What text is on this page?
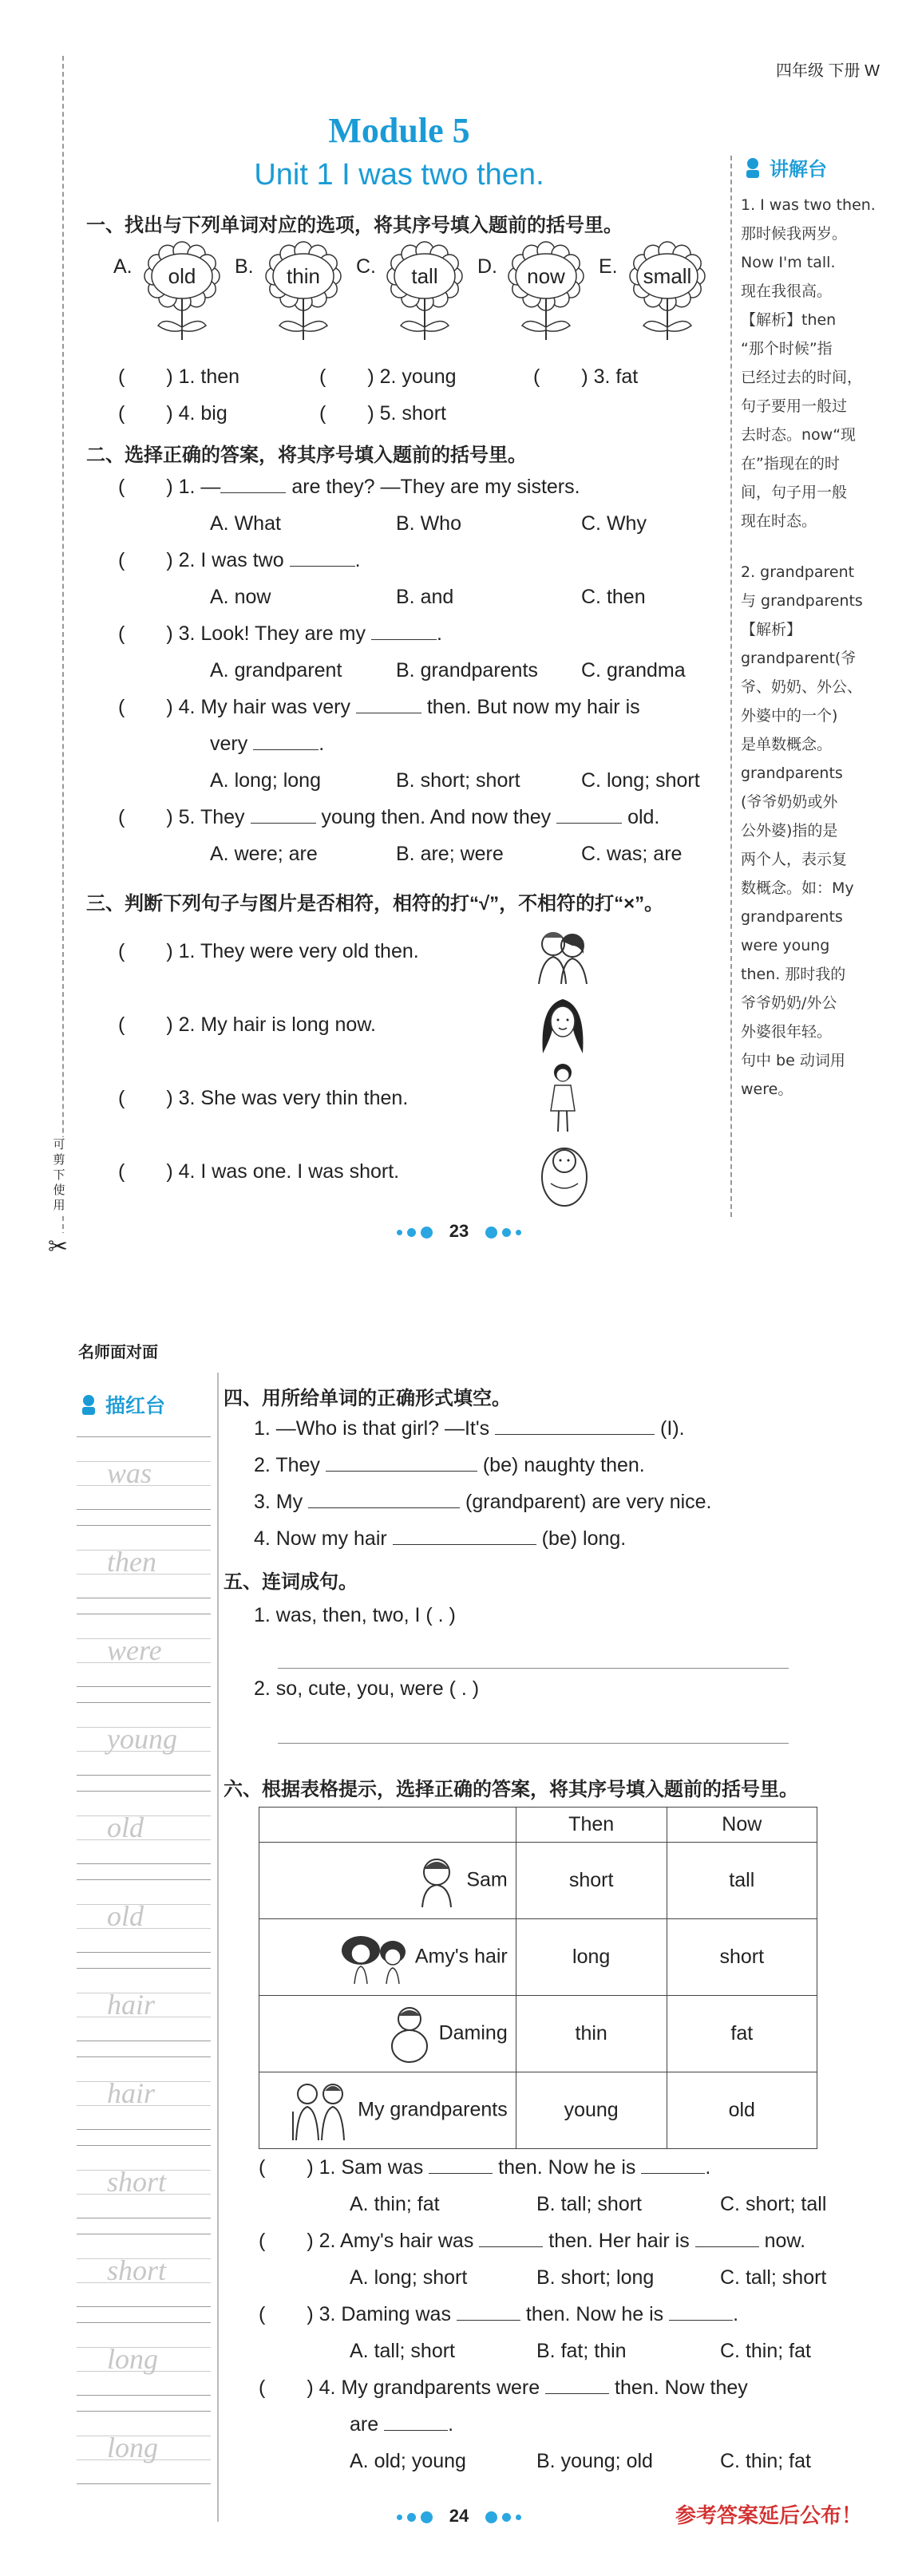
四年级 下册 W
可剪下使用
✂
Module 5
Unit 1 I was two then.	讲解台
1. I was two then.
那时候我两岁。
Now I'm tall.
现在我很高。
【解析】then
“那个时候”指
已经过去的时间，
句子要用一般过
去时态。now“现
在”指现在的时
间，句子用一般
现在时态。
2. grandparent
与 grandparents
【解析】
grandparent(爷
爷、奶奶、外公、
外婆中的一个)
是单数概念。
grandparents
(爷爷奶奶或外
公外婆)指的是
两个人，表示复
数概念。如：My
grandparents
were young
then. 那时我的
爷爷奶奶/外公
外婆很年轻。
句中 be 动词用
were。
一、找出与下列单词对应的选项，将其序号填入题前的括号里。
A.	old	B.	thin	C.	tall	D.	now	E.	small
( ) 1. then	( ) 2. young	( ) 3. fat
( ) 4. big	( ) 5. short
二、选择正确的答案，将其序号填入题前的括号里。
( ) 1. —	are they? —They are my sisters.
A. What	B. Who	C. Why
( ) 2. I was two	.
A. now	B. and	C. then
( ) 3. Look! They are my	.
A. grandparent	B. grandparents C. grandma
( ) 4. My hair was very	then. But now my hair is
very	.
A. long; long	B. short; short	C. long; short
( ) 5. They	young then. And now they	old.
A. were; are	B. are; were	C. was; are
三、判断下列句子与图片是否相符，相符的打“√”，不相符的打“×”。
( ) 1. They were very old then.
( ) 2. My hair is long now.
( ) 3. She was very thin then.
( ) 4. I was one. I was short.
23
名师面对面
描红台
was
then
were
young
old
old
hair
hair
short
short
long
long
四、用所给单词的正确形式填空。
1. —Who is that girl? —It's	(I).
2. They	(be) naughty then.
3. My	(grandparent) are very nice.
4. Now my hair	(be) long.
五、连词成句。
1. was, then, two, I ( . )
2. so, cute, you, were ( . )
六、根据表格提示，选择正确的答案，将其序号填入题前的括号里。
	Then	Now
Sam	short	tall
Amy's hair	long	short
Daming	thin	fat
My grandparents	young	old
( ) 1. Sam was	then. Now he is	.
A. thin; fat	B. tall; short	C. short; tall
( ) 2. Amy's hair was	then. Her hair is	now.
A. long; short	B. short; long	C. tall; short
( ) 3. Daming was	then. Now he is	.
A. tall; short	B. fat; thin	C. thin; fat
( ) 4. My grandparents were	then. Now they
are	.
A. old; young	B. young; old	C. thin; fat
24	参考答案延后公布！
